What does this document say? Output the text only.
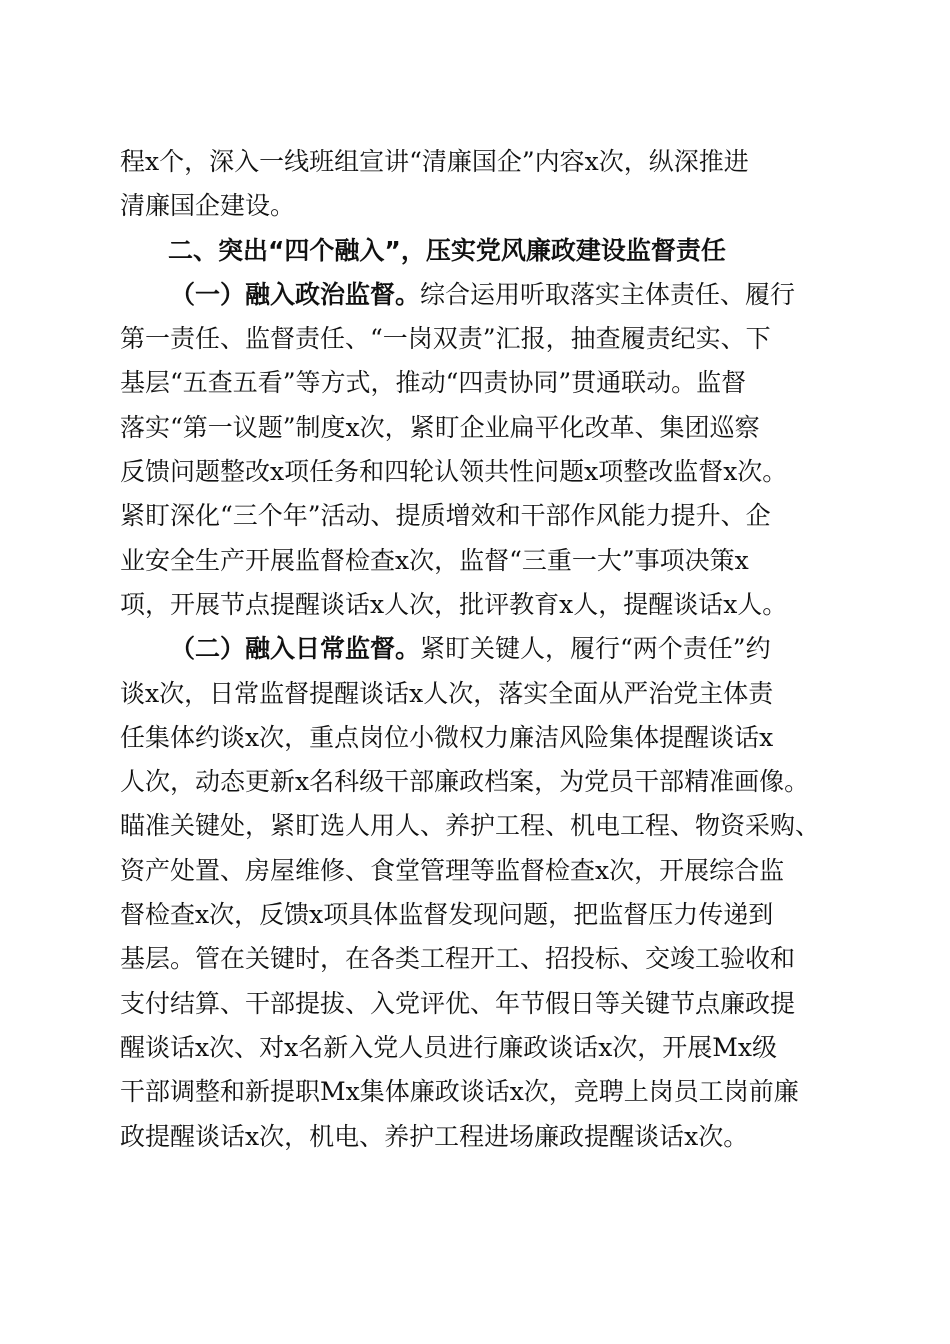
程x个，深入一线班组宣讲“清廉国企”内容x次，纵深推进
清廉国企建设。
二、突出“四个融入”，压实党风廉政建设监督责任
（一）融入政治监督。综合运用听取落实主体责任、履行
第一责任、监督责任、“一岗双责”汇报，抽查履责纪实、下
基层“五查五看”等方式，推动“四责协同”贯通联动。监督
落实“第一议题”制度x次，紧盯企业扁平化改革、集团巡察
反馈问题整改x项任务和四轮认领共性问题x项整改监督x次。
紧盯深化“三个年”活动、提质增效和干部作风能力提升、企
业安全生产开展监督检查x次，监督“三重一大”事项决策x
项，开展节点提醒谈话x人次，批评教育x人，提醒谈话x人。
（二）融入日常监督。紧盯关键人，履行“两个责任”约
谈x次，日常监督提醒谈话x人次，落实全面从严治党主体责
任集体约谈x次，重点岗位小微权力廉洁风险集体提醒谈话x
人次，动态更新x名科级干部廉政档案，为党员干部精准画像。
瞄准关键处，紧盯选人用人、养护工程、机电工程、物资采购、
资产处置、房屋维修、食堂管理等监督检查x次，开展综合监
督检查x次，反馈x项具体监督发现问题，把监督压力传递到
基层。管在关键时，在各类工程开工、招投标、交竣工验收和
支付结算、干部提拔、入党评优、年节假日等关键节点廉政提
醒谈话x次、对x名新入党人员进行廉政谈话x次，开展Mx级
干部调整和新提职Mx集体廉政谈话x次，竞聘上岗员工岗前廉
政提醒谈话x次，机电、养护工程进场廉政提醒谈话x次。
